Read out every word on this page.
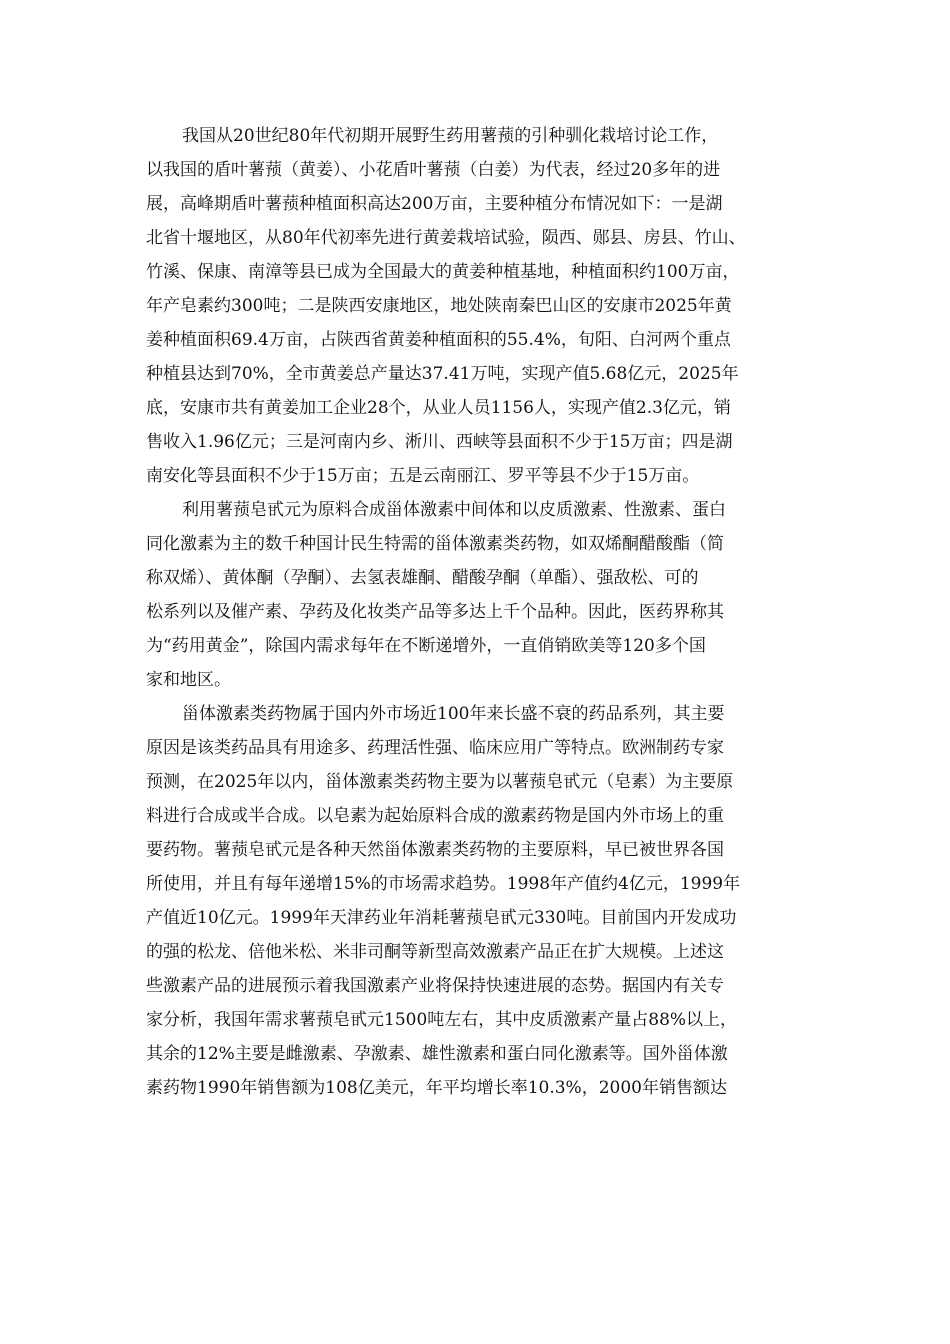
我国从20世纪80年代初期开展野生药用薯蓣的引种驯化栽培讨论工作，
以我国的盾叶薯蓣（黄姜）、小花盾叶薯蓣（白姜）为代表，经过20多年的进
展，高峰期盾叶薯蓣种植面积高达200万亩，主要种植分布情况如下：一是湖
北省十堰地区，从80年代初率先进行黄姜栽培试验，陨西、郧县、房县、竹山、
竹溪、保康、南漳等县已成为全国最大的黄姜种植基地，种植面积约100万亩，
年产皂素约300吨；二是陕西安康地区，地处陕南秦巴山区的安康市2025年黄
姜种植面积69.4万亩，占陕西省黄姜种植面积的55.4%，旬阳、白河两个重点
种植县达到70%，全市黄姜总产量达37.41万吨，实现产值5.68亿元，2025年
底，安康市共有黄姜加工企业28个，从业人员1156人，实现产值2.3亿元，销
售收入1.96亿元；三是河南内乡、淅川、西峡等县面积不少于15万亩；四是湖
南安化等县面积不少于15万亩；五是云南丽江、罗平等县不少于15万亩。
利用薯蓣皂甙元为原料合成甾体激素中间体和以皮质激素、性激素、蛋白
同化激素为主的数千种国计民生特需的甾体激素类药物，如双烯酮醋酸酯（简
称双烯）、黄体酮（孕酮）、去氢表雄酮、醋酸孕酮（单酯）、强敌松、可的
松系列以及催产素、孕药及化妆类产品等多达上千个品种。因此，医药界称其
为“药用黄金”，除国内需求每年在不断递增外，一直俏销欧美等120多个国
家和地区。
甾体激素类药物属于国内外市场近100年来长盛不衰的药品系列，其主要
原因是该类药品具有用途多、药理活性强、临床应用广等特点。欧洲制药专家
预测，在2025年以内，甾体激素类药物主要为以薯蓣皂甙元（皂素）为主要原
料进行合成或半合成。以皂素为起始原料合成的激素药物是国内外市场上的重
要药物。薯蓣皂甙元是各种天然甾体激素类药物的主要原料，早已被世界各国
所使用，并且有每年递增15%的市场需求趋势。1998年产值约4亿元，1999年
产值近10亿元。1999年天津药业年消耗薯蓣皂甙元330吨。目前国内开发成功
的强的松龙、倍他米松、米非司酮等新型高效激素产品正在扩大规模。上述这
些激素产品的进展预示着我国激素产业将保持快速进展的态势。据国内有关专
家分析，我国年需求薯蓣皂甙元1500吨左右，其中皮质激素产量占88%以上，
其余的12%主要是雌激素、孕激素、雄性激素和蛋白同化激素等。国外甾体激
素药物1990年销售额为108亿美元，年平均增长率10.3%，2000年销售额达
